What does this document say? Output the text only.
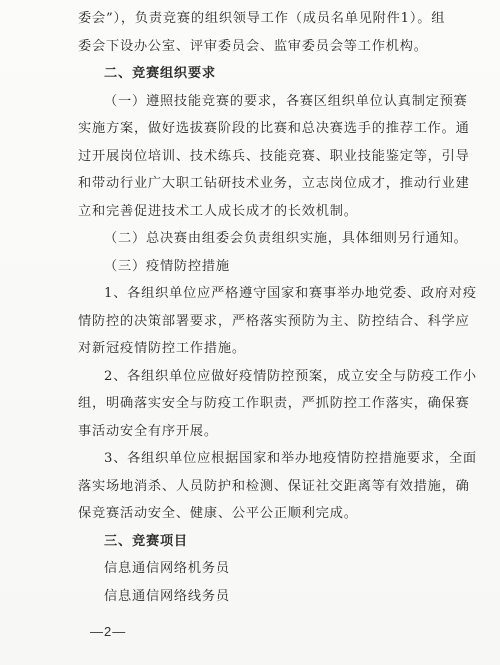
委会”），负责竞赛的组织领导工作（成员名单见附件1）。组
委会下设办公室、评审委员会、监审委员会等工作机构。

二、竞赛组织要求

（一）遵照技能竞赛的要求，各赛区组织单位认真制定预赛
实施方案，做好选拔赛阶段的比赛和总决赛选手的推荐工作。通
过开展岗位培训、技术练兵、技能竞赛、职业技能鉴定等，引导
和带动行业广大职工钻研技术业务，立志岗位成才，推动行业建
立和完善促进技术工人成长成才的长效机制。

（二）总决赛由组委会负责组织实施，具体细则另行通知。

（三）疫情防控措施

1、各组织单位应严格遵守国家和赛事举办地党委、政府对疫
情防控的决策部署要求，严格落实预防为主、防控结合、科学应
对新冠疫情防控工作措施。

2、各组织单位应做好疫情防控预案，成立安全与防疫工作小
组，明确落实安全与防疫工作职责，严抓防控工作落实，确保赛
事活动安全有序开展。

3、各组织单位应根据国家和举办地疫情防控措施要求，全面
落实场地消杀、人员防护和检测、保证社交距离等有效措施，确
保竞赛活动安全、健康、公平公正顺利完成。

三、竞赛项目

信息通信网络机务员

信息通信网络线务员

—2—
